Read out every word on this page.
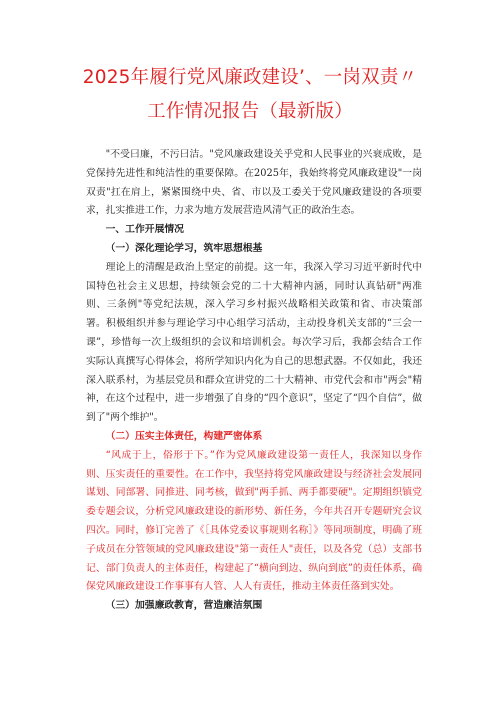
2025年履行党风廉政建设’、一岗双责〃
工作情况报告（最新版）

"不受曰廉，不污曰洁。"党风廉政建设关乎党和人民事业的兴衰成败，是党保持先进性和纯洁性的重要保障。在2025年，我始终将党风廉政建设"一岗双责"扛在肩上，紧紧围绕中央、省、市以及工委关于党风廉政建设的各项要求，扎实推进工作，力求为地方发展营造风清气正的政治生态。

一、工作开展情况

（一）深化理论学习，筑牢思想根基

理论上的清醒是政治上坚定的前提。这一年，我深入学习习近平新时代中国特色社会主义思想，持续领会党的二十大精神内涵，同时认真钻研"两准则、三条例"等党纪法规，深入学习乡村振兴战略相关政策和省、市决策部署。积极组织并参与理论学习中心组学习活动，主动投身机关支部的“三会一课”，珍惜每一次上级组织的会议和培训机会。每次学习后，我都会结合工作实际认真撰写心得体会，将所学知识内化为自己的思想武器。不仅如此，我还深入联系村，为基层党员和群众宣讲党的二十大精神、市党代会和市"两会"精神，在这个过程中，进一步增强了自身的“四个意识”，坚定了“四个自信”，做到了"两个维护"。

（二）压实主体责任，构建严密体系

“风成于上，俗形于下。”作为党风廉政建设第一责任人，我深知以身作则、压实责任的重要性。在工作中，我坚持将党风廉政建设与经济社会发展同谋划、同部署、同推进、同考核，做到"两手抓、两手都要硬"。定期组织镇党委专题会议，分析党风廉政建设的新形势、新任务，今年共召开专题研究会议四次。同时，修订完善了《［具体党委议事规则名称］》等同项制度，明确了班子成员在分管领域的党风廉政建设"第一责任人"责任，以及各党（总）支部书记、部门负责人的主体责任，构建起了“横向到边、纵向到底”的责任体系，确保党风廉政建设工作事事有人管、人人有责任，推动主体责任落到实处。

（三）加强廉政教育，营造廉洁氛围
